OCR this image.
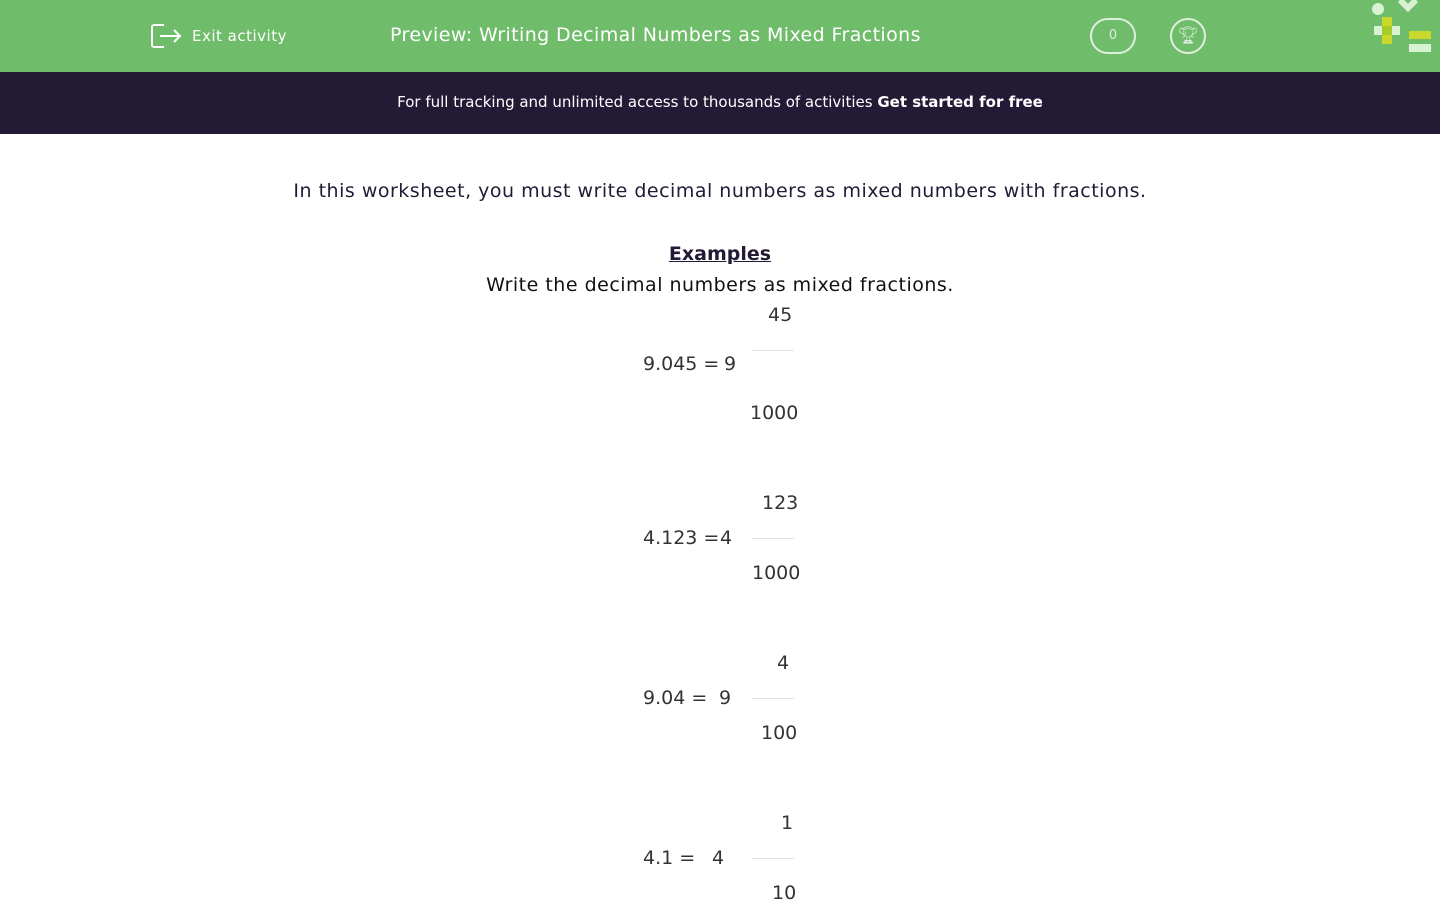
Exit activity	Preview: Writing Decimal Numbers as Mixed Fractions	0	🏆︎
For full tracking and unlimited access to thousands of activities Get started for free
In this worksheet, you must write decimal numbers as mixed numbers with fractions.
Examples
Write the decimal numbers as mixed fractions.
9.045 = 9
45
1000
4.123 = 4
123
1000
9.04 = 9
4
100
4.1 = 4
1
10
